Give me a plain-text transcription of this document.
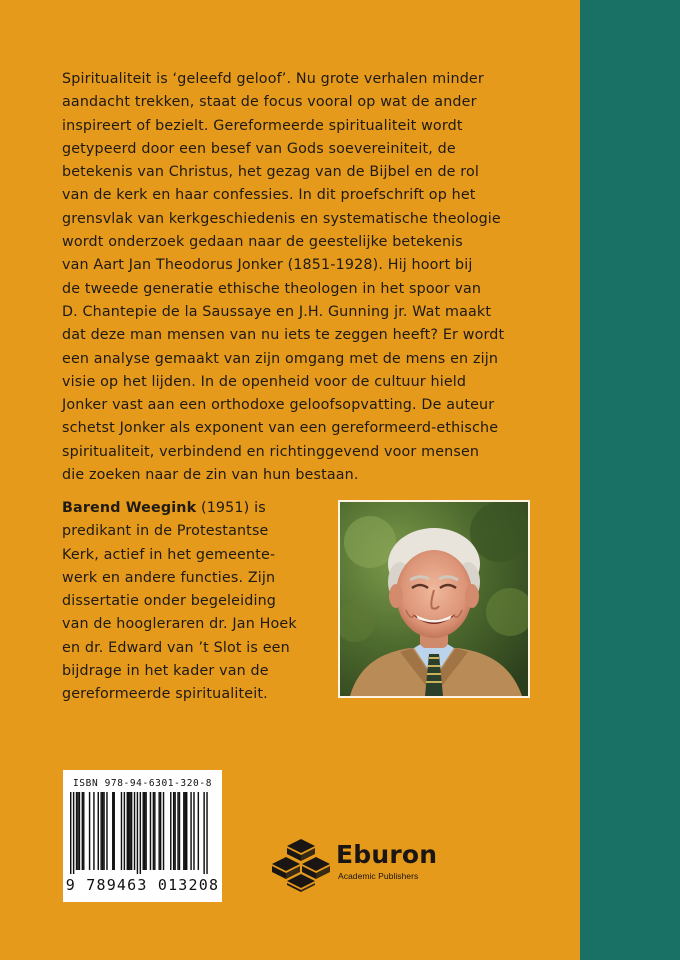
Spiritualiteit is ‘geleefd geloof’. Nu grote verhalen minder
aandacht trekken, staat de focus vooral op wat de ander
inspireert of bezielt. Gereformeerde spiritualiteit wordt
getypeerd door een besef van Gods soevereiniteit, de
betekenis van Christus, het gezag van de Bijbel en de rol
van de kerk en haar confessies. In dit proefschrift op het
grensvlak van kerkgeschiedenis en systematische theologie
wordt onderzoek gedaan naar de geestelijke betekenis
van Aart Jan Theodorus Jonker (1851-1928). Hij hoort bij
de tweede generatie ethische theologen in het spoor van
D. Chantepie de la Saussaye en J.H. Gunning jr. Wat maakt
dat deze man mensen van nu iets te zeggen heeft? Er wordt
een analyse gemaakt van zijn omgang met de mens en zijn
visie op het lijden. In de openheid voor de cultuur hield
Jonker vast aan een orthodoxe geloofsopvatting. De auteur
schetst Jonker als exponent van een gereformeerd-ethische
spiritualiteit, verbindend en richtinggevend voor mensen
die zoeken naar de zin van hun bestaan.
Barend Weegink (1951) is
predikant in de Protestantse
Kerk, actief in het gemeente-
werk en andere functies. Zijn
dissertatie onder begeleiding
van de hoogleraren dr. Jan Hoek
en dr. Edward van ’t Slot is een
bijdrage in het kader van de
gereformeerde spiritualiteit.
ISBN 978-94-6301-320-8
9 789463 013208
Eburon
Academic Publishers
